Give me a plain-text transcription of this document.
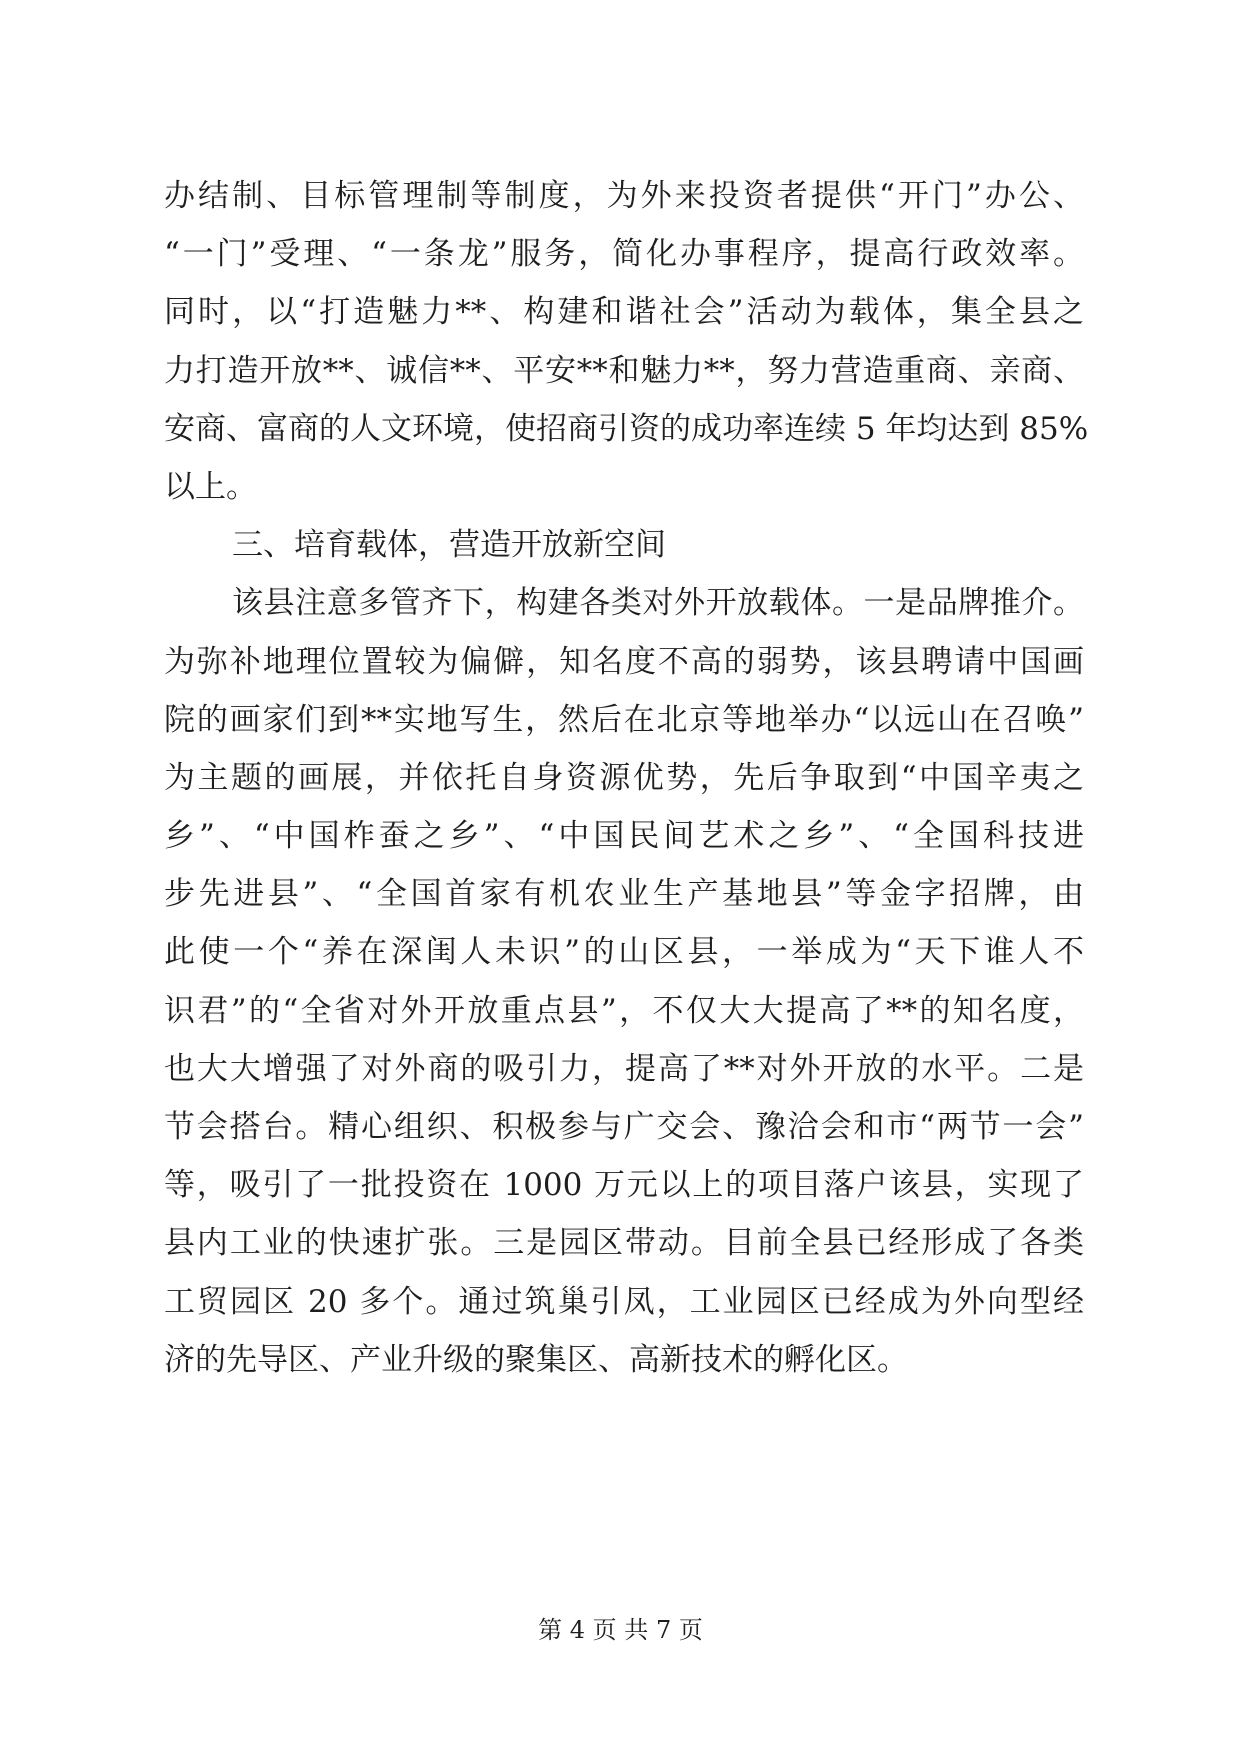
办结制、目标管理制等制度，为外来投资者提供“开门”办公、
“一门”受理、“一条龙”服务，简化办事程序，提高行政效率。
同时，以“打造魅力**、构建和谐社会”活动为载体，集全县之
力打造开放**、诚信**、平安**和魅力**，努力营造重商、亲商、
安商、富商的人文环境，使招商引资的成功率连续 5 年均达到 85%
以上。
三、培育载体，营造开放新空间
该县注意多管齐下，构建各类对外开放载体。一是品牌推介。
为弥补地理位置较为偏僻，知名度不高的弱势，该县聘请中国画
院的画家们到**实地写生，然后在北京等地举办“以远山在召唤”
为主题的画展，并依托自身资源优势，先后争取到“中国辛夷之
乡”、“中国柞蚕之乡”、“中国民间艺术之乡”、“全国科技进
步先进县”、“全国首家有机农业生产基地县”等金字招牌，由
此使一个“养在深闺人未识”的山区县，一举成为“天下谁人不
识君”的“全省对外开放重点县”，不仅大大提高了**的知名度，
也大大增强了对外商的吸引力，提高了**对外开放的水平。二是
节会搭台。精心组织、积极参与广交会、豫洽会和市“两节一会”
等，吸引了一批投资在 1000 万元以上的项目落户该县，实现了
县内工业的快速扩张。三是园区带动。目前全县已经形成了各类
工贸园区 20 多个。通过筑巢引凤，工业园区已经成为外向型经
济的先导区、产业升级的聚集区、高新技术的孵化区。
第 4 页 共 7 页
